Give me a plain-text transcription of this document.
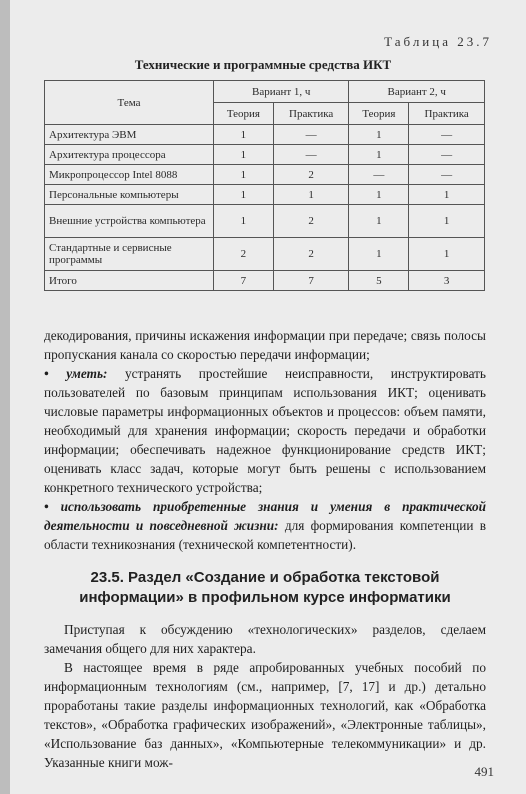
Таблица 23.7
Технические и программные средства ИКТ
Тема	Вариант 1, ч		Вариант 2, ч	
	Теория	Практика	Теория	Практика
Архитектура ЭВМ	1	—	1	—
Архитектура процессора	1	—	1	—
Микропроцессор Intel 8088	1	2	—	—
Персональные компьютеры	1	1	1	1
Внешние устройства компьютера	1	2	1	1
Стандартные и сервисные программы	2	2	1	1
Итого	7	7	5	3

декодирования, причины искажения информации при передаче; связь полосы пропускания канала со скоростью передачи информации;

• уметь: устранять простейшие неисправности, инструктировать пользователей по базовым принципам использования ИКТ; оценивать числовые параметры информационных объектов и процессов: объем памяти, необходимый для хранения информации; скорость передачи и обработки информации; обеспечивать надежное функционирование средств ИКТ; оценивать класс задач, которые могут быть решены с использованием конкретного технического устройства;

• использовать приобретенные знания и умения в практической деятельности и повседневной жизни: для формирования компетенции в области техникознания (технической компетентности).

23.5. Раздел «Создание и обработка текстовой информации» в профильном курсе информатики

Приступая к обсуждению «технологических» разделов, сделаем замечания общего для них характера.

В настоящее время в ряде апробированных учебных пособий по информационным технологиям (см., например, [7, 17] и др.) детально проработаны такие разделы информационных технологий, как «Обработка текстов», «Обработка графических изображений», «Электронные таблицы», «Использование баз данных», «Компьютерные телекоммуникации» и др. Указанные книги мож-

491
